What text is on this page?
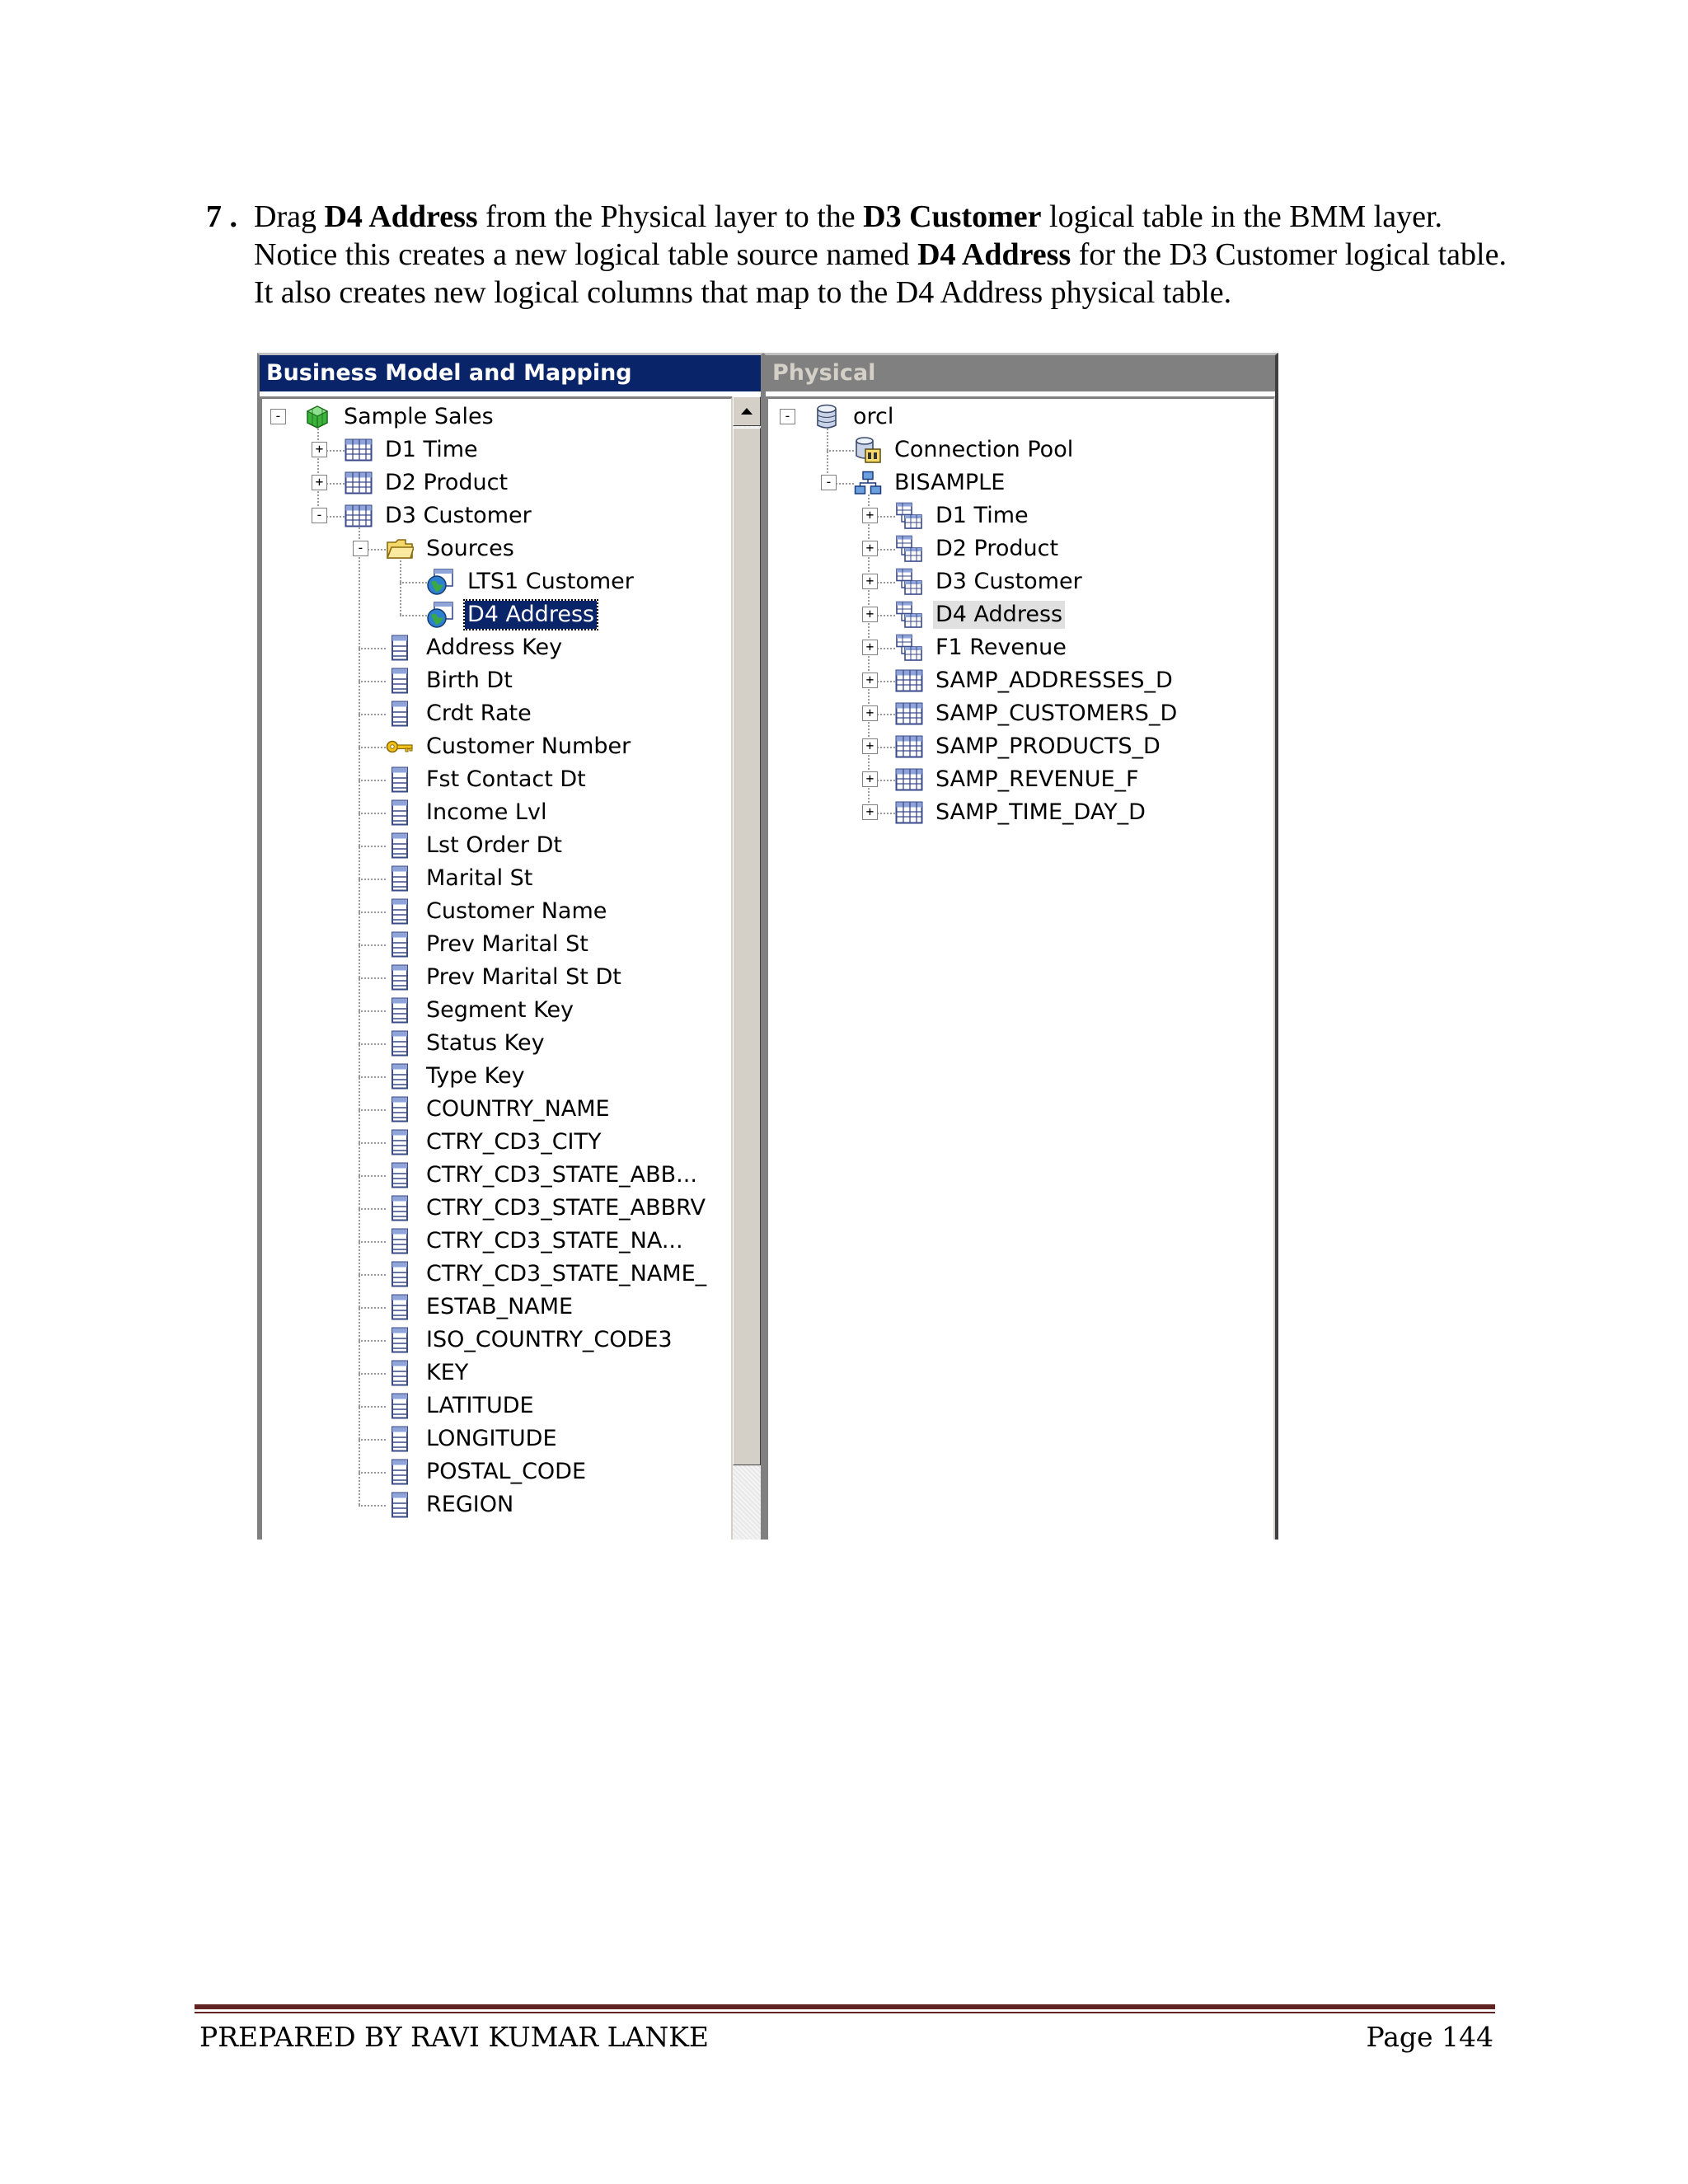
7 . Drag D4 Address from the Physical layer to the D3 Customer logical table in the BMM layer. Notice this creates a new logical table source named D4 Address for the D3 Customer logical table. It also creates new logical columns that map to the D4 Address physical table.
Business Model and Mapping
Sample Sales
-
D1 Time
+
D2 Product
+
D3 Customer
-
Sources
-
LTS1 Customer
D4 Address
Address Key
Birth Dt
Crdt Rate
Customer Number
Fst Contact Dt
Income Lvl
Lst Order Dt
Marital St
Customer Name
Prev Marital St
Prev Marital St Dt
Segment Key
Status Key
Type Key
COUNTRY_NAME
CTRY_CD3_CITY
CTRY_CD3_STATE_ABB...
CTRY_CD3_STATE_ABBRV
CTRY_CD3_STATE_NA...
CTRY_CD3_STATE_NAME_
ESTAB_NAME
ISO_COUNTRY_CODE3
KEY
LATITUDE
LONGITUDE
POSTAL_CODE
REGION
Physical
orcl
-
Connection Pool
BISAMPLE
-
D1 Time
+
D2 Product
+
D3 Customer
+
D4 Address
+
F1 Revenue
+
SAMP_ADDRESSES_D
+
SAMP_CUSTOMERS_D
+
SAMP_PRODUCTS_D
+
SAMP_REVENUE_F
+
SAMP_TIME_DAY_D
+
PREPARED BY RAVI KUMAR LANKE	Page 144
